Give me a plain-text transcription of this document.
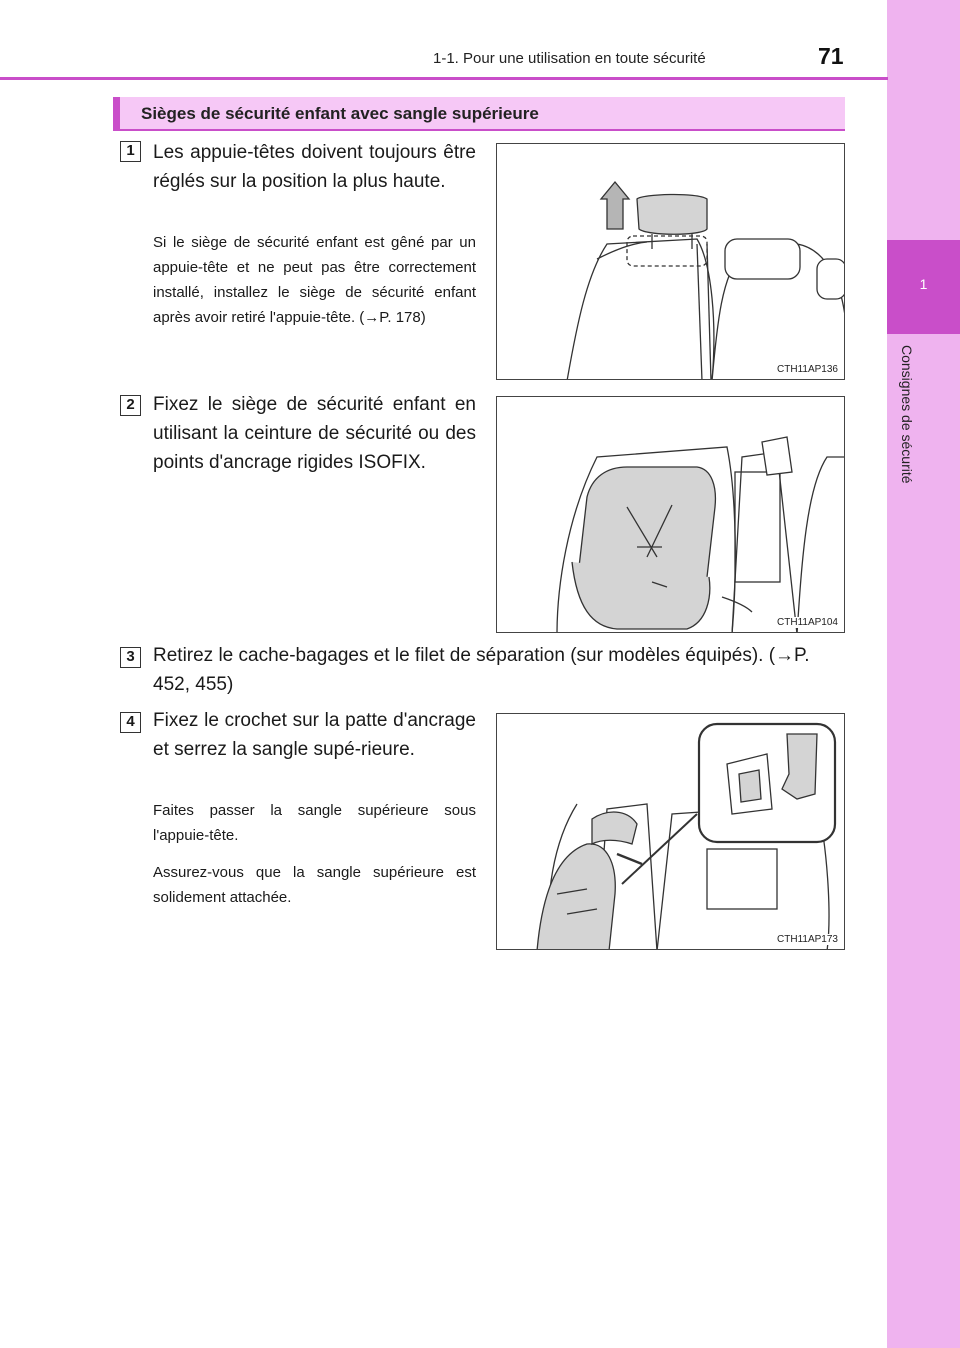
1
Consignes de sécurité
1-1. Pour une utilisation en toute sécurité	71
Sièges de sécurité enfant avec sangle supérieure
1 Les appuie-têtes doivent toujours être réglés sur la position la plus haute.
Si le siège de sécurité enfant est gêné par un appuie-tête et ne peut pas être correctement installé, installez le siège de sécurité enfant après avoir retiré l'appuie-tête. (→P. 178)
CTH11AP136
2 Fixez le siège de sécurité enfant en utilisant la ceinture de sécurité ou des points d'ancrage rigides ISOFIX.
CTH11AP104
3 Retirez le cache-bagages et le filet de séparation (sur modèles équipés). (→P. 452, 455)
4 Fixez le crochet sur la patte d'ancrage et serrez la sangle supé-rieure.
Faites passer la sangle supérieure sous l'appuie-tête.
Assurez-vous que la sangle supérieure est solidement attachée.
CTH11AP173
